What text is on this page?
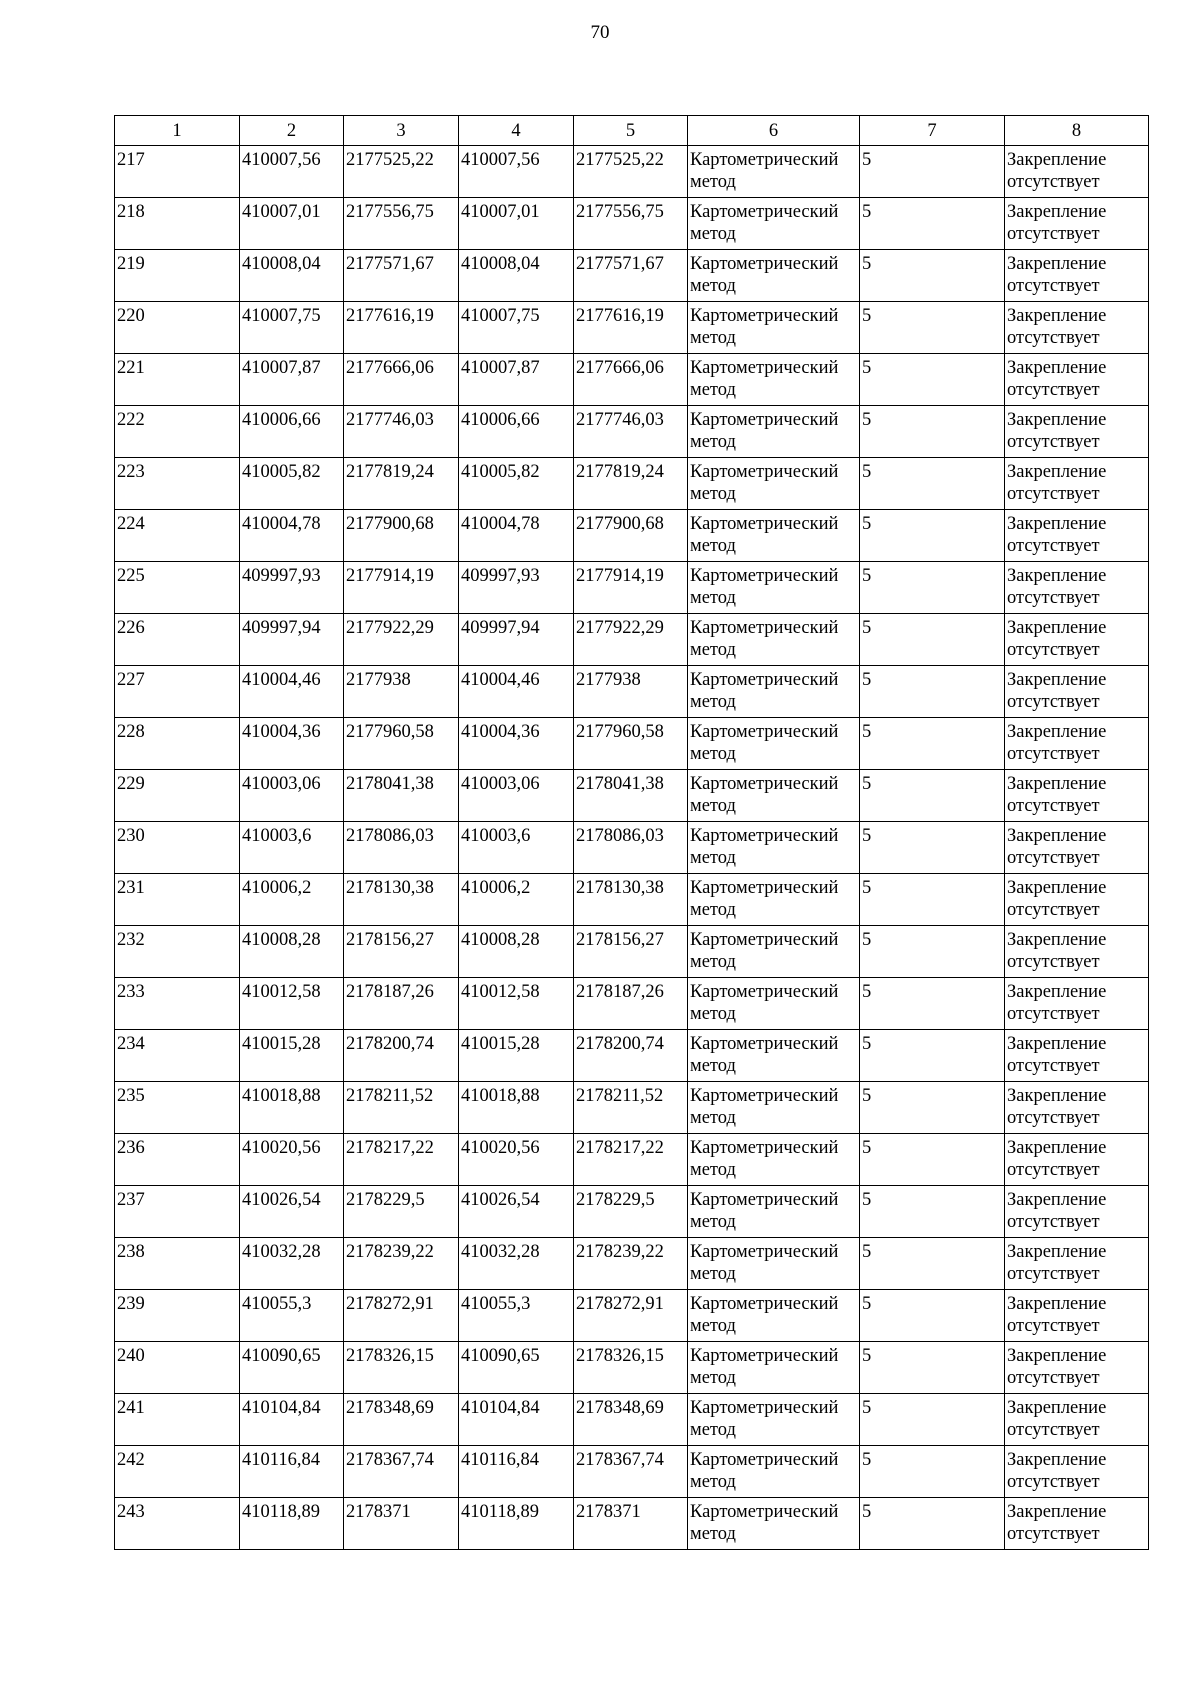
70
1	2	3	4	5	6	7	8
217	410007,56	2177525,22	410007,56	2177525,22	Картометрический метод	5	Закрепление отсутствует
218	410007,01	2177556,75	410007,01	2177556,75	Картометрический метод	5	Закрепление отсутствует
219	410008,04	2177571,67	410008,04	2177571,67	Картометрический метод	5	Закрепление отсутствует
220	410007,75	2177616,19	410007,75	2177616,19	Картометрический метод	5	Закрепление отсутствует
221	410007,87	2177666,06	410007,87	2177666,06	Картометрический метод	5	Закрепление отсутствует
222	410006,66	2177746,03	410006,66	2177746,03	Картометрический метод	5	Закрепление отсутствует
223	410005,82	2177819,24	410005,82	2177819,24	Картометрический метод	5	Закрепление отсутствует
224	410004,78	2177900,68	410004,78	2177900,68	Картометрический метод	5	Закрепление отсутствует
225	409997,93	2177914,19	409997,93	2177914,19	Картометрический метод	5	Закрепление отсутствует
226	409997,94	2177922,29	409997,94	2177922,29	Картометрический метод	5	Закрепление отсутствует
227	410004,46	2177938	410004,46	2177938	Картометрический метод	5	Закрепление отсутствует
228	410004,36	2177960,58	410004,36	2177960,58	Картометрический метод	5	Закрепление отсутствует
229	410003,06	2178041,38	410003,06	2178041,38	Картометрический метод	5	Закрепление отсутствует
230	410003,6	2178086,03	410003,6	2178086,03	Картометрический метод	5	Закрепление отсутствует
231	410006,2	2178130,38	410006,2	2178130,38	Картометрический метод	5	Закрепление отсутствует
232	410008,28	2178156,27	410008,28	2178156,27	Картометрический метод	5	Закрепление отсутствует
233	410012,58	2178187,26	410012,58	2178187,26	Картометрический метод	5	Закрепление отсутствует
234	410015,28	2178200,74	410015,28	2178200,74	Картометрический метод	5	Закрепление отсутствует
235	410018,88	2178211,52	410018,88	2178211,52	Картометрический метод	5	Закрепление отсутствует
236	410020,56	2178217,22	410020,56	2178217,22	Картометрический метод	5	Закрепление отсутствует
237	410026,54	2178229,5	410026,54	2178229,5	Картометрический метод	5	Закрепление отсутствует
238	410032,28	2178239,22	410032,28	2178239,22	Картометрический метод	5	Закрепление отсутствует
239	410055,3	2178272,91	410055,3	2178272,91	Картометрический метод	5	Закрепление отсутствует
240	410090,65	2178326,15	410090,65	2178326,15	Картометрический метод	5	Закрепление отсутствует
241	410104,84	2178348,69	410104,84	2178348,69	Картометрический метод	5	Закрепление отсутствует
242	410116,84	2178367,74	410116,84	2178367,74	Картометрический метод	5	Закрепление отсутствует
243	410118,89	2178371	410118,89	2178371	Картометрический метод	5	Закрепление отсутствует
